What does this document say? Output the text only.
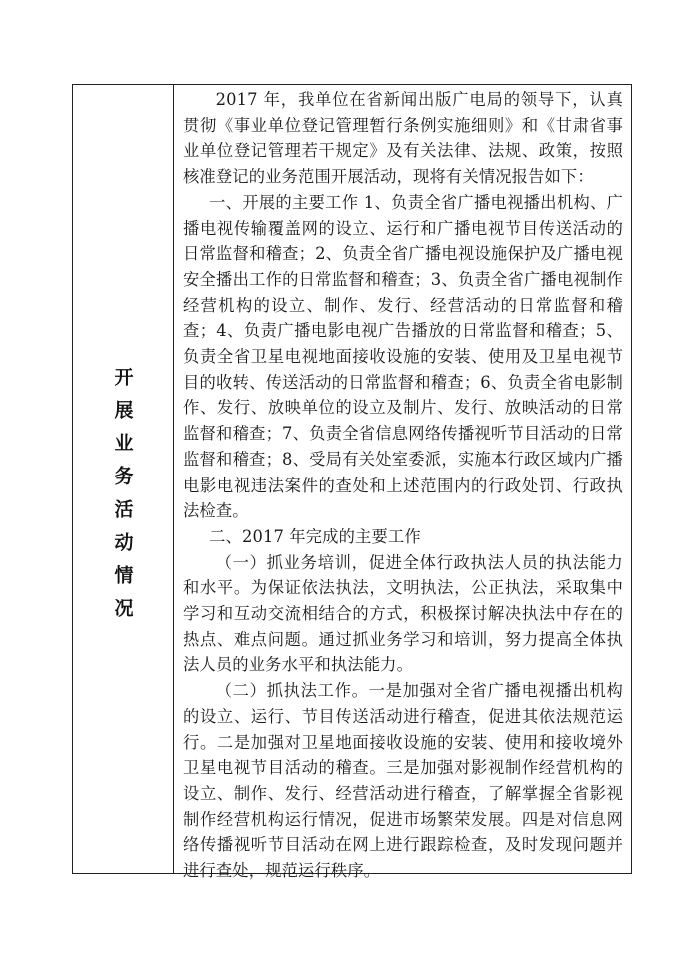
开展业务活动情况

2017 年，我单位在省新闻出版广电局的领导下，认真贯彻《事业单位登记管理暂行条例实施细则》和《甘肃省事业单位登记管理若干规定》及有关法律、法规、政策，按照核准登记的业务范围开展活动，现将有关情况报告如下：

一、开展的主要工作 1、负责全省广播电视播出机构、广播电视传输覆盖网的设立、运行和广播电视节目传送活动的日常监督和稽查；2、负责全省广播电视设施保护及广播电视安全播出工作的日常监督和稽查；3、负责全省广播电视制作经营机构的设立、制作、发行、经营活动的日常监督和稽查；4、负责广播电影电视广告播放的日常监督和稽查；5、负责全省卫星电视地面接收设施的安装、使用及卫星电视节目的收转、传送活动的日常监督和稽查；6、负责全省电影制作、发行、放映单位的设立及制片、发行、放映活动的日常监督和稽查；7、负责全省信息网络传播视听节目活动的日常监督和稽查；8、受局有关处室委派，实施本行政区域内广播电影电视违法案件的查处和上述范围内的行政处罚、行政执法检查。

二、2017 年完成的主要工作

（一）抓业务培训，促进全体行政执法人员的执法能力和水平。为保证依法执法，文明执法，公正执法，采取集中学习和互动交流相结合的方式，积极探讨解决执法中存在的热点、难点问题。通过抓业务学习和培训，努力提高全体执法人员的业务水平和执法能力。

（二）抓执法工作。一是加强对全省广播电视播出机构的设立、运行、节目传送活动进行稽查，促进其依法规范运行。二是加强对卫星地面接收设施的安装、使用和接收境外卫星电视节目活动的稽查。三是加强对影视制作经营机构的设立、制作、发行、经营活动进行稽查，了解掌握全省影视制作经营机构运行情况，促进市场繁荣发展。四是对信息网络传播视听节目活动在网上进行跟踪检查，及时发现问题并进行查处，规范运行秩序。
